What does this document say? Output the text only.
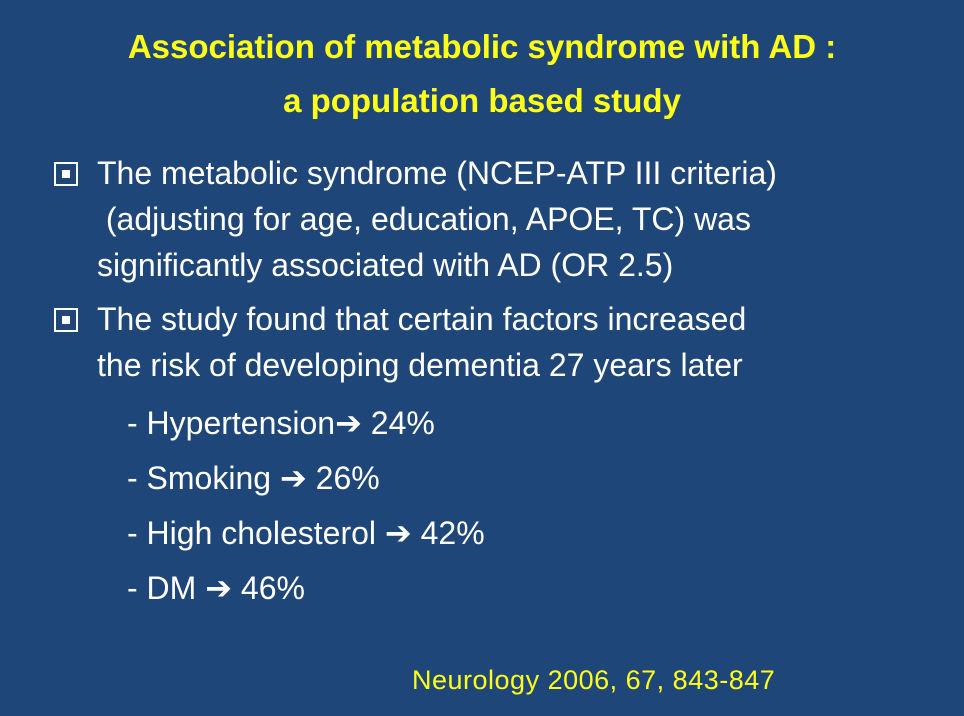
Association of metabolic syndrome with AD :
a population based study
The metabolic syndrome (NCEP-ATP III criteria)
(adjusting for age, education, APOE, TC) was
significantly associated with AD (OR 2.5)
The study found that certain factors increased
the risk of developing dementia 27 years later
- Hypertension➔ 24%
- Smoking ➔ 26%
- High cholesterol ➔ 42%
- DM ➔ 46%
Neurology 2006, 67, 843-847
